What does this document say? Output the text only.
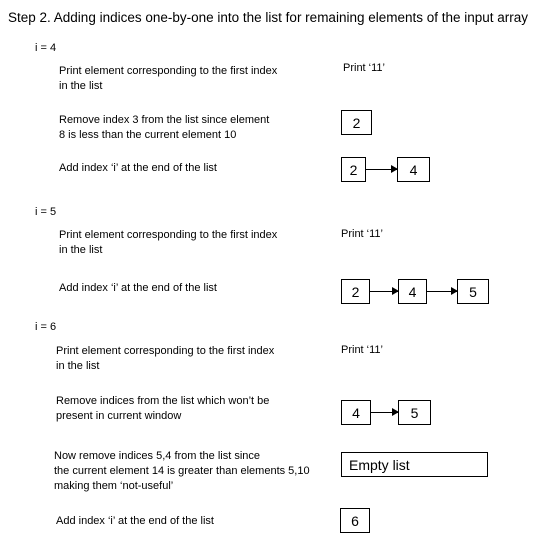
Step 2. Adding indices one-by-one into the list for remaining elements of the input array
i = 4
Print element corresponding to the first index
in the list
Print ‘11’
Remove index 3 from the list since element
8 is less than the current element 10
2
Add index ‘i’ at the end of the list	2	4
i = 5
Print element corresponding to the first index
in the list
Print ‘11’
Add index ‘i’ at the end of the list	2	4	5
i = 6
Print element corresponding to the first index
in the list
Print ‘11’
Remove indices from the list which won’t be
present in current window	4	5
Now remove indices 5,4 from the list since
the current element 14 is greater than elements 5,10
making them ‘not-useful’
Empty list
Add index ‘i’ at the end of the list	6
